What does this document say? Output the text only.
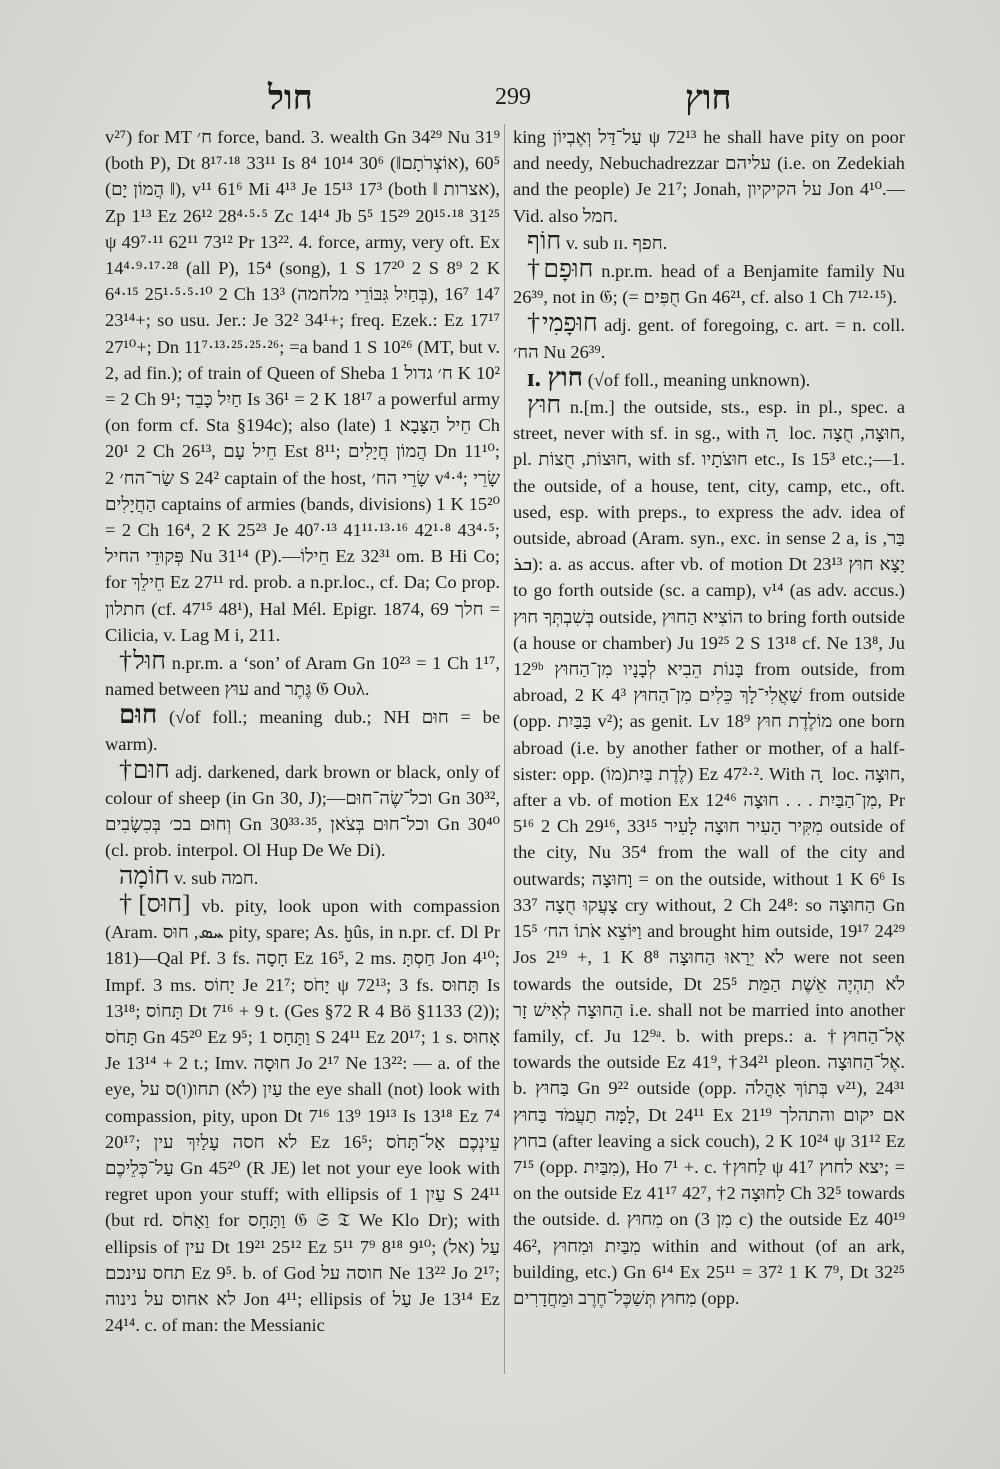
חול	299	חוץ

v²⁷) for MT ח׳ force, band. 3. wealth Gn 34²⁹ Nu 31⁹ (both P), Dt 8¹⁷·¹⁸ 33¹¹ Is 8⁴ 10¹⁴ 30⁶ (‖אוֹצְרֹתָם), 60⁵ (‖ הֲמוֹן יָם), v¹¹ 61⁶ Mi 4¹³ Je 15¹³ 17³ (both ‖ אצרות), Zp 1¹³ Ez 26¹² 28⁴·⁵·⁵ Zc 14¹⁴ Jb 5⁵ 15²⁹ 20¹⁵·¹⁸ 31²⁵ ψ 49⁷·¹¹ 62¹¹ 73¹² Pr 13²². 4. force, army, very oft. Ex 14⁴·⁹·¹⁷·²⁸ (all P), 15⁴ (song), 1 S 17²⁰ 2 S 8⁹ 2 K 6⁴·¹⁵ 25¹·⁵·⁵·¹⁰ 2 Ch 13³ (בְּחַיִל גִּבּוֹרֵי מלחמה), 14⁷ 16⁷ 23¹⁴+; so usu. Jer.: Je 32² 34¹+; freq. Ezek.: Ez 17¹⁷ 27¹⁰+; Dn 11⁷·¹³·²⁵·²⁵·²⁶; =a band 1 S 10²⁶ (MT, but v. 2, ad fin.); of train of Queen of Sheba ח׳ גדול 1 K 10² = 2 Ch 9¹; חַיִל כָּבֵד Is 36¹ = 2 K 18¹⁷ a powerful army (on form cf. Sta §194c); also (late) חֵיל הַצָּבָא 1 Ch 20¹ 2 Ch 26¹³, חֵיל עָם Est 8¹¹; הֲמוֹן חֲיָלִים Dn 11¹⁰; שַׂר־הח׳ 2 S 24² captain of the host, שָׂרֵי הח׳ v⁴·⁴; שָׂרֵי הַחֲיָלִים captains of armies (bands, divisions) 1 K 15²⁰ = 2 Ch 16⁴, 2 K 25²³ Je 40⁷·¹³ 41¹¹·¹³·¹⁶ 42¹·⁸ 43⁴·⁵; פְּקוּדֵי החיל Nu 31¹⁴ (P).—חֵילוֹ Ez 32³¹ om. B Hi Co; for חֵילֵךְ Ez 27¹¹ rd. prob. a n.pr.loc., cf. Da; Co prop. חתלון (cf. 47¹⁵ 48¹), Hal Mél. Epigr. 1874, 69 חלך = Cilicia, v. Lag M i, 211.

†חוּל n.pr.m. a ‘son’ of Aram Gn 10²³ = 1 Ch 1¹⁷, named between עוּץ and גֶּתֶר 𝔊 Ουλ.

חוּם (√of foll.; meaning dub.; NH חוּם = be warm).

†חוּם adj. darkened, dark brown or black, only of colour of sheep (in Gn 30, J);—וכל־שֶׂה־חוּם Gn 30³², וְחוּם בכ׳ בְּכִשָׂבִים Gn 30³³·³⁵, וכל־חוּם בְּצֹאן Gn 30⁴⁰ (cl. prob. interpol. Ol Hup De We Di).

חוֹמָה v. sub חמה.

†[חוּס] vb. pity, look upon with compassion (Aram. ܚܣ, חוּס pity, spare; As. ḫûs, in n.pr. cf. Dl Pr 181)—Qal Pf. 3 fs. חָסָה Ez 16⁵, 2 ms. חַסְתָּ Jon 4¹⁰; Impf. 3 ms. יָחוֹס Je 21⁷; יָחֹס ψ 72¹³; 3 fs. תָּחוּס Is 13¹⁸; תָּחוֹס Dt 7¹⁶ + 9 t. (Ges §72 R 4 Bö §1133 (2)); תָּחֹס Gn 45²⁰ Ez 9⁵; וַתָּחָס 1 S 24¹¹ Ez 20¹⁷; 1 s. אָחוּס Je 13¹⁴ + 2 t.; Imv. חוּסָה Jo 2¹⁷ Ne 13²²: — a. of the eye, עַיִן (לֹא) תחו(ו)ס על the eye shall (not) look with compassion, pity, upon Dt 7¹⁶ 13⁹ 19¹³ Is 13¹⁸ Ez 7⁴ 20¹⁷; לא חסה עָלַיִךְ עין Ez 16⁵; עֵינְכֶם אַל־תָּחֹס עַל־כְּלֵיכֶם Gn 45²⁰ (R JE) let not your eye look with regret upon your stuff; with ellipsis of עַיִן 1 S 24¹¹ (but rd. וַאָחֹס for וַתָּחָס 𝔊 𝔖 𝔗 We Klo Dr); with ellipsis of עין Dt 19²¹ 25¹² Ez 5¹¹ 7⁹ 8¹⁸ 9¹⁰; (אל) עַל תחס עינכם Ez 9⁵. b. of God חוסה על Ne 13²² Jo 2¹⁷; לא אחוס על נינוה Jon 4¹¹; ellipsis of עַל Je 13¹⁴ Ez 24¹⁴. c. of man: the Messianic

king עַל־דַּל וְאֶבְיוֹן ψ 72¹³ he shall have pity on poor and needy, Nebuchadrezzar עליהם (i.e. on Zedekiah and the people) Je 21⁷; Jonah, על הקיקיון Jon 4¹⁰.—Vid. also חמל.

חוֹף v. sub ɪɪ. חפף.

†חוּפָם n.pr.m. head of a Benjamite family Nu 26³⁹, not in 𝔊; (= חֻפִּים Gn 46²¹, cf. also 1 Ch 7¹²·¹⁵).

†חוּפָמִי adj. gent. of foregoing, c. art. = n. coll. הח׳ Nu 26³⁹.

ɪ. חוץ (√of foll., meaning unknown).

חוּץ n.[m.] the outside, sts., esp. in pl., spec. a street, never with sf. in sg., with ה ָ loc. חוּצָה, חֻצָה, pl. חוּצוֹת, חֻצוֹת, with sf. חוּצֹתָיו etc., Is 15³ etc.;—1. the outside, of a house, tent, city, camp, etc., oft. used, esp. with preps., to express the adv. idea of outside, abroad (Aram. syn., exc. in sense 2 a, is בַּר, ܒܪ): a. as accus. after vb. of motion Dt 23¹³ יָצָא חוּץ to go forth outside (sc. a camp), v¹⁴ (as adv. accus.) בְּשִׁבְתְּךָ חוּץ outside, הוֹצִיא הַחוּץ to bring forth outside (a house or chamber) Ju 19²⁵ 2 S 13¹⁸ cf. Ne 13⁸, Ju 12⁹ᵇ בָּנוֹת הֵבִיא לְבָנָיו מִן־הַחוּץ from outside, from abroad, 2 K 4³ שַׁאֲלִי־לָךְ כֵּלִים מִן־הַחוּץ from outside (opp. בַּבַּיִת v²); as genit. Lv 18⁹ מוֹלֶדֶת חוּץ one born abroad (i.e. by another father or mother, of a half-sister: opp. (מוֹ)לֶדֶת בַּיִת) Ez 47²·². With ה ָ loc. חוּצָה, after a vb. of motion Ex 12⁴⁶ מִן־הַבַּיִת . . . חוּצָה, Pr 5¹⁶ 2 Ch 29¹⁶, 33¹⁵ מִקִּיר הָעִיר חוּצָה לָעִיר outside of the city, Nu 35⁴ from the wall of the city and outwards; וָחוּצָה = on the outside, without 1 K 6⁶ Is 33⁷ צָעֲקוּ חֻצָה cry without, 2 Ch 24⁸: so הַחוּצָה Gn 15⁵ וַיּוֹצֵא אֹתוֹ הח׳ and brought him outside, 19¹⁷ 24²⁹ Jos 2¹⁹ +, 1 K 8⁸ לֹא יֵרָאוּ הַחוּצָה were not seen towards the outside, Dt 25⁵ לֹא תִהְיֶה אֵשֶׁת הַמֵּת הַחוּצָה לְאִישׁ זָר i.e. shall not be married into another family, cf. Ju 12⁹ᵃ. b. with preps.: a. †אֶל־הַחוּץ towards the outside Ez 41⁹, †34²¹ pleon. אֶל־הַחוּצָה. b. בַּחוּץ Gn 9²² outside (opp. בְּתוֹךְ אָהֳלֹה v²¹), 24³¹ לָמָּה תַעֲמֹד בַּחוּץ, Dt 24¹¹ Ex 21¹⁹ אם יקום והתהלך בחוץ (after leaving a sick couch), 2 K 10²⁴ ψ 31¹² Ez 7¹⁵ (opp. מִבַּיִת), Ho 7¹ +. c. †לַחוּץ ψ 41⁷ יצא לחוץ; = on the outside Ez 41¹⁷ 42⁷, †לַחוּצָה 2 Ch 32⁵ towards the outside. d. מִחוּץ on (מִן 3 c) the outside Ez 40¹⁹ 46², מִבַּיִת וּמִחוּץ within and without (of an ark, building, etc.) Gn 6¹⁴ Ex 25¹¹ = 37² 1 K 7⁹, Dt 32²⁵ מִחוּץ תְּשַׁכֶּל־חֶרֶב וּמֵחֲדָרִים (opp.
